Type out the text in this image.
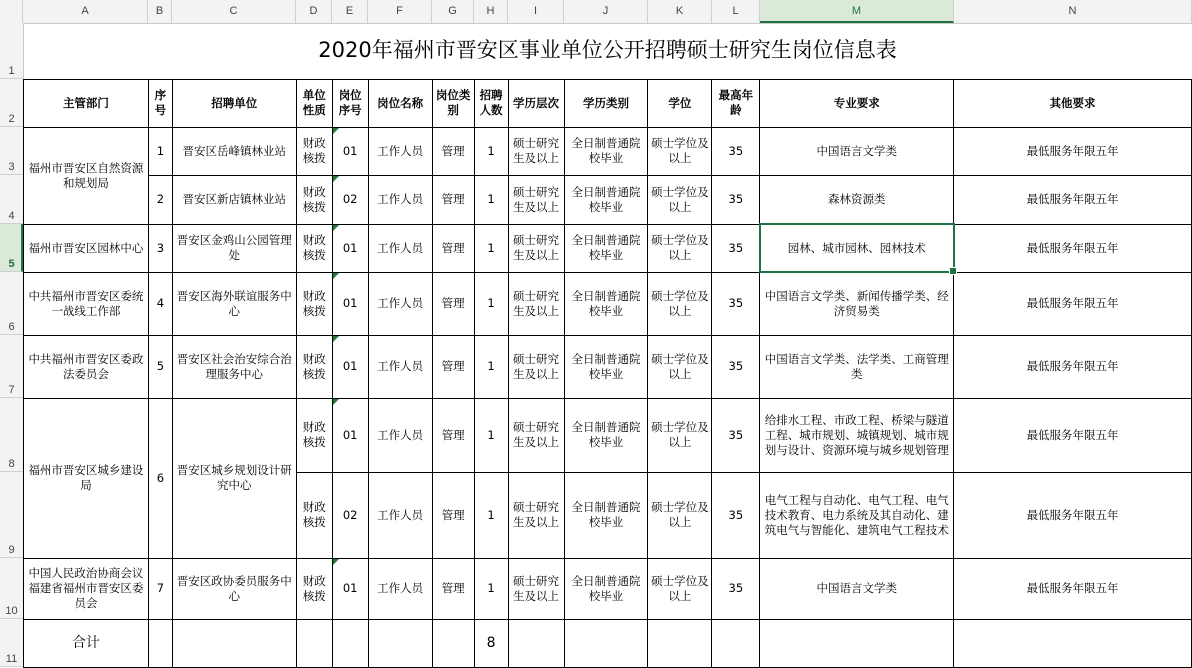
A	B	C	D	E	F	G	H	I	J	K	L	M	N
1
2
3
4
5
6
7
8
9
10
11
2020年福州市晋安区事业单位公开招聘硕士研究生岗位信息表													
主管部门	序号	招聘单位	单位性质	岗位序号	岗位名称	岗位类别	招聘人数	学历层次	学历类别	学位	最高年龄	专业要求	其他要求
福州市晋安区自然资源和规划局	1	晋安区岳峰镇林业站	财政核拨	01	工作人员	管理	1	硕士研究生及以上	全日制普通院校毕业	硕士学位及以上	35	中国语言文学类	最低服务年限五年
	2	晋安区新店镇林业站	财政核拨	02	工作人员	管理	1	硕士研究生及以上	全日制普通院校毕业	硕士学位及以上	35	森林资源类	最低服务年限五年
福州市晋安区园林中心	3	晋安区金鸡山公园管理处	财政核拨	01	工作人员	管理	1	硕士研究生及以上	全日制普通院校毕业	硕士学位及以上	35	园林、城市园林、园林技术	最低服务年限五年
中共福州市晋安区委统一战线工作部	4	晋安区海外联谊服务中心	财政核拨	01	工作人员	管理	1	硕士研究生及以上	全日制普通院校毕业	硕士学位及以上	35	中国语言文学类、新闻传播学类、经济贸易类	最低服务年限五年
中共福州市晋安区委政法委员会	5	晋安区社会治安综合治理服务中心	财政核拨	01	工作人员	管理	1	硕士研究生及以上	全日制普通院校毕业	硕士学位及以上	35	中国语言文学类、法学类、工商管理类	最低服务年限五年
福州市晋安区城乡建设局	6	晋安区城乡规划设计研究中心	财政核拨	01	工作人员	管理	1	硕士研究生及以上	全日制普通院校毕业	硕士学位及以上	35	给排水工程、市政工程、桥梁与隧道工程、城市规划、城镇规划、城市规划与设计、资源环境与城乡规划管理	最低服务年限五年
			财政核拨	02	工作人员	管理	1	硕士研究生及以上	全日制普通院校毕业	硕士学位及以上	35	电气工程与自动化、电气工程、电气技术教育、电力系统及其自动化、建筑电气与智能化、建筑电气工程技术	最低服务年限五年
中国人民政治协商会议福建省福州市晋安区委员会	7	晋安区政协委员服务中心	财政核拨	01	工作人员	管理	1	硕士研究生及以上	全日制普通院校毕业	硕士学位及以上	35	中国语言文学类	最低服务年限五年
合计							8						
